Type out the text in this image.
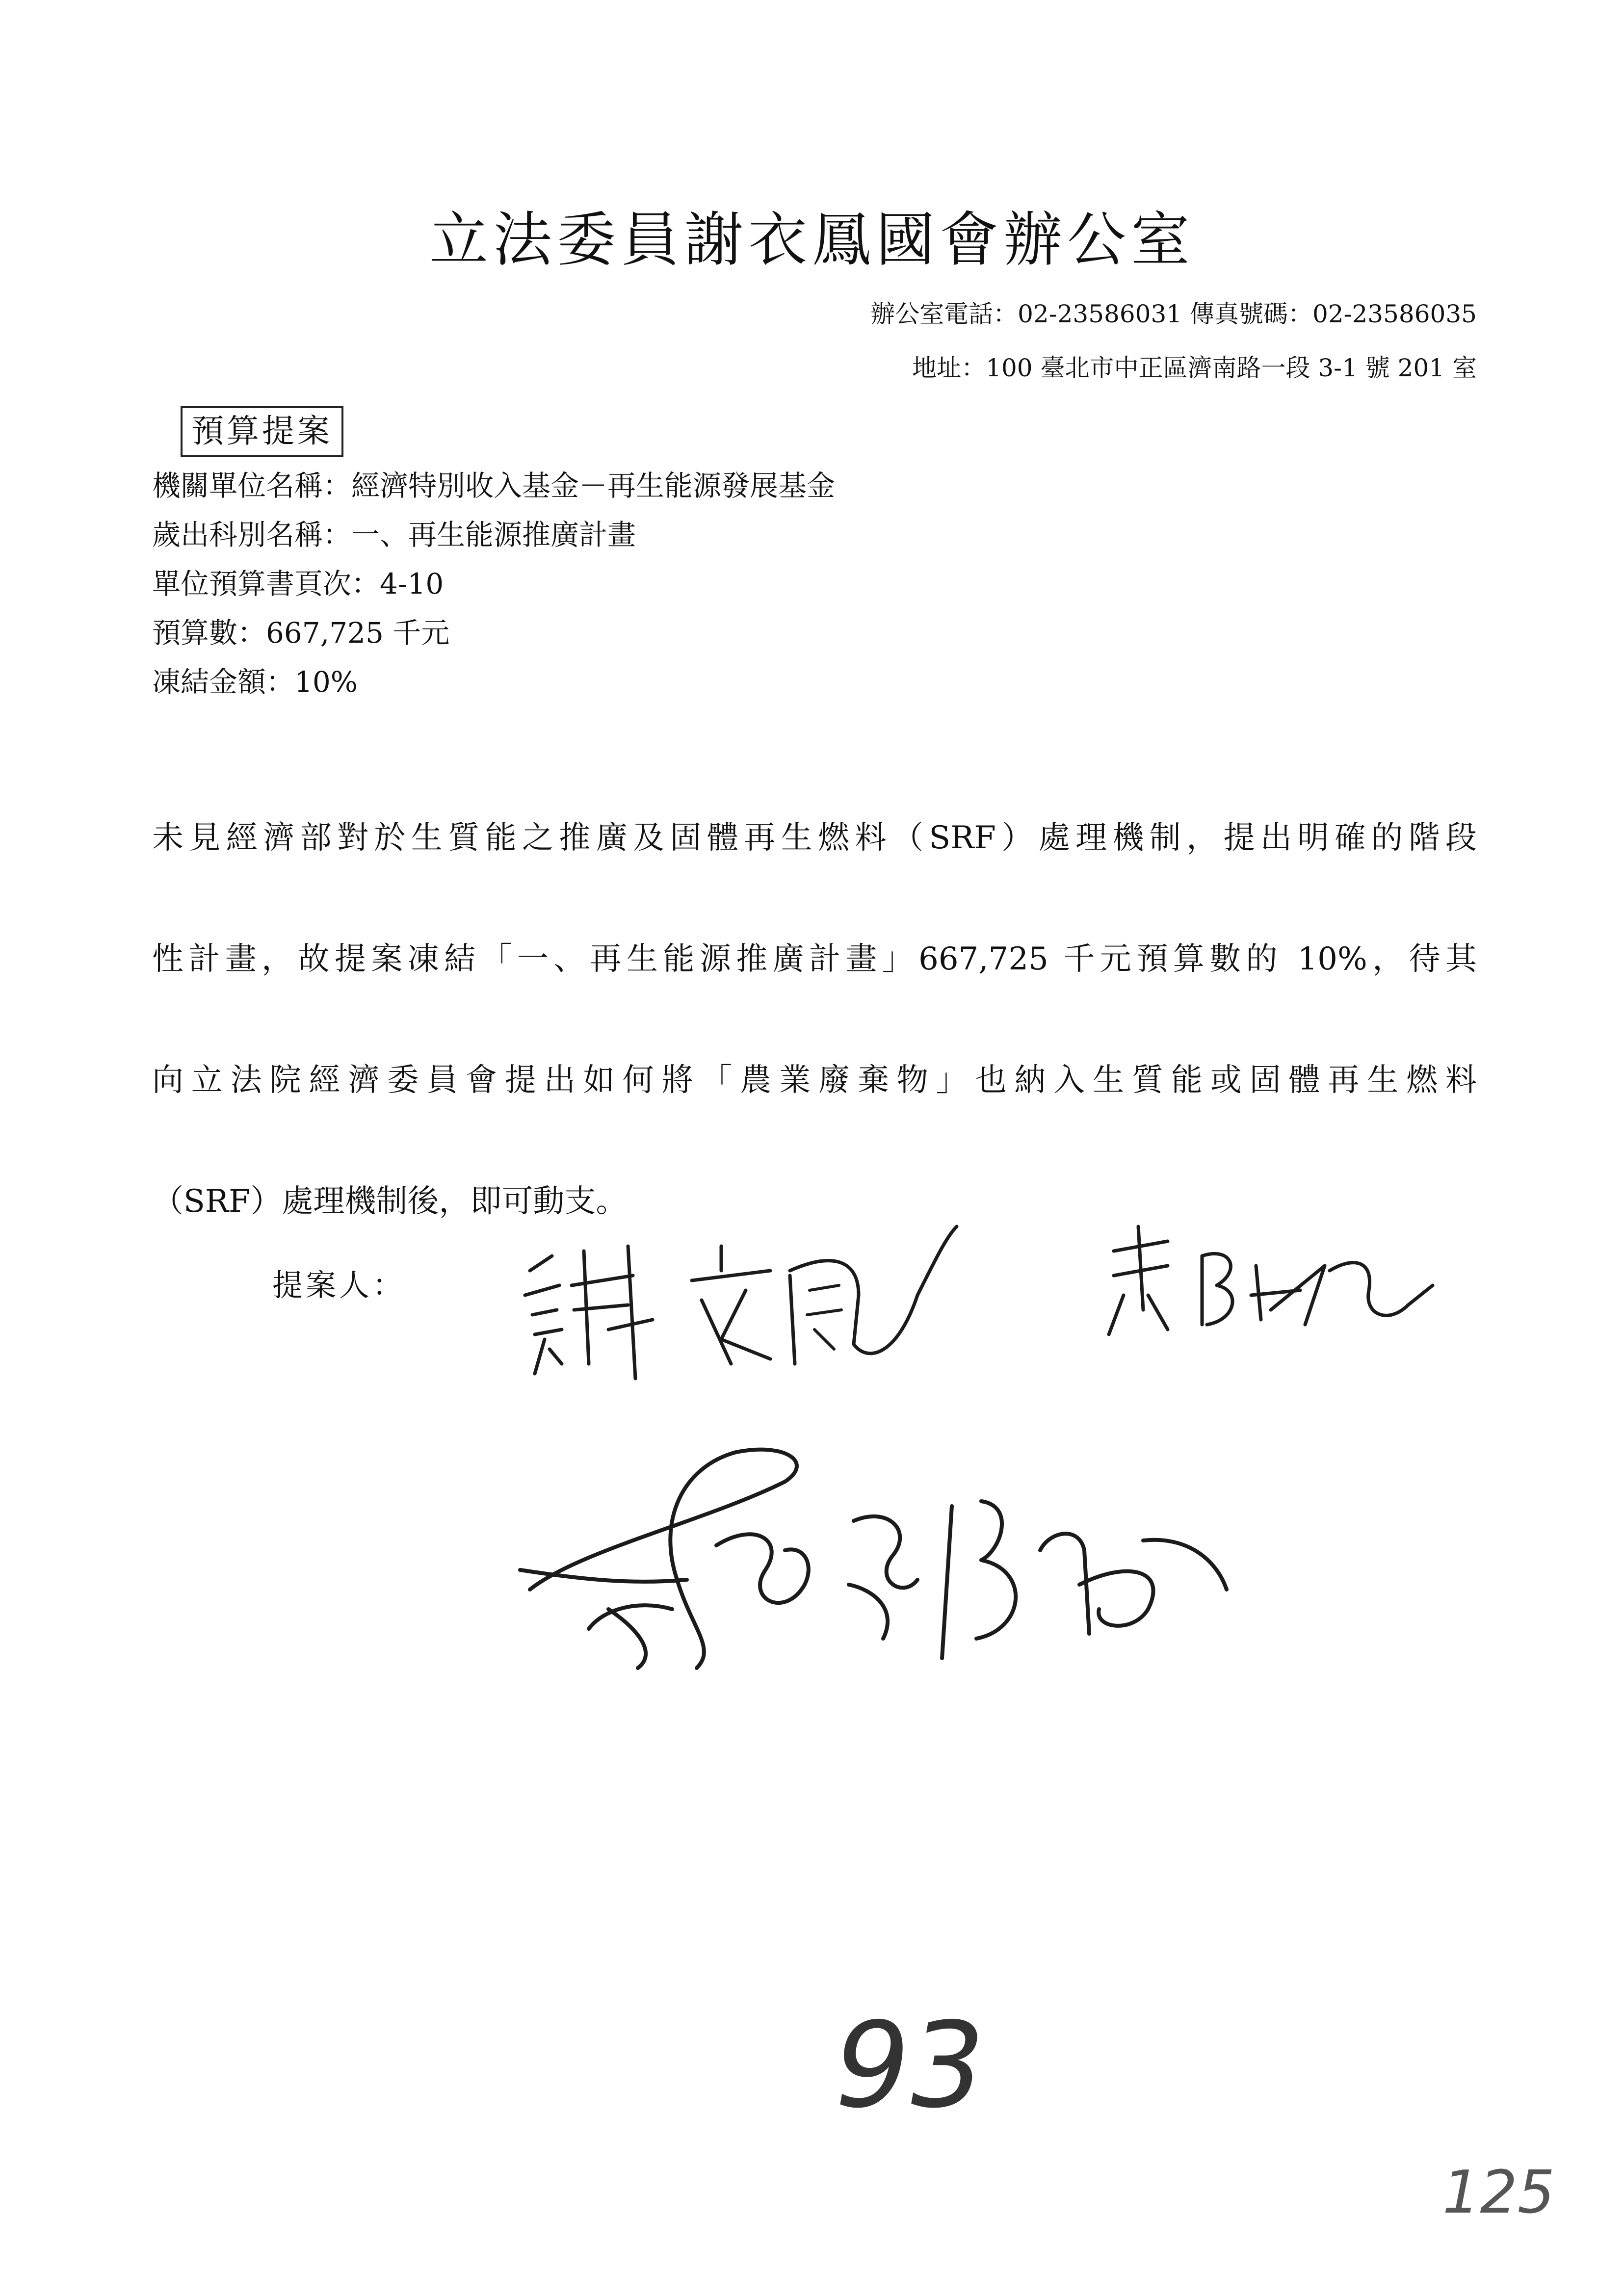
立法委員謝衣鳳國會辦公室
辦公室電話：02-23586031 傳真號碼：02-23586035
地址：100 臺北市中正區濟南路一段 3-1 號 201 室
預算提案
機關單位名稱：經濟特別收入基金－再生能源發展基金
歲出科別名稱：一、再生能源推廣計畫
單位預算書頁次：4-10
預算數：667,725 千元
凍結金額：10%

未見經濟部對於生質能之推廣及固體再生燃料（SRF）處理機制，提出明確的階段
性計畫，故提案凍結「一、再生能源推廣計畫」667,725 千元預算數的 10%，待其
向立法院經濟委員會提出如何將「農業廢棄物」也納入生質能或固體再生燃料
（SRF）處理機制後，即可動支。

提案人：
93
125
